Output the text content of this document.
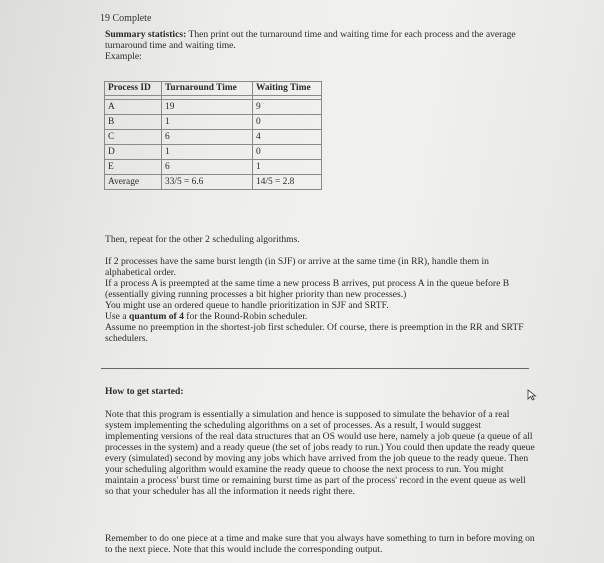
19 Complete

Summary statistics: Then print out the turnaround time and waiting time for each process and the average turnaround time and waiting time.

Example:

Process ID	Turnaround Time	Waiting Time

A	19	9
B	1	0
C	6	4
D	1	0
E	6	1
Average	33/5 = 6.6	14/5 = 2.8
Then, repeat for the other 2 scheduling algorithms.

If 2 processes have the same burst length (in SJF) or arrive at the same time (in RR), handle them in alphabetical order.

If a process A is preempted at the same time a new process B arrives, put process A in the queue before B (essentially giving running processes a bit higher priority than new processes.)

You might use an ordered queue to handle prioritization in SJF and SRTF.

Use a quantum of 4 for the Round-Robin scheduler.

Assume no preemption in the shortest-job first scheduler. Of course, there is preemption in the RR and SRTF schedulers.

How to get started:
Note that this program is essentially a simulation and hence is supposed to simulate the behavior of a real system implementing the scheduling algorithms on a set of processes. As a result, I would suggest implementing versions of the real data structures that an OS would use here, namely a job queue (a queue of all processes in the system) and a ready queue (the set of jobs ready to run.) You could then update the ready queue every (simulated) second by moving any jobs which have arrived from the job queue to the ready queue. Then your scheduling algorithm would examine the ready queue to choose the next process to run. You might maintain a process' burst time or remaining burst time as part of the process' record in the event queue as well so that your scheduler has all the information it needs right there.
Remember to do one piece at a time and make sure that you always have something to turn in before moving on to the next piece. Note that this would include the corresponding output.
